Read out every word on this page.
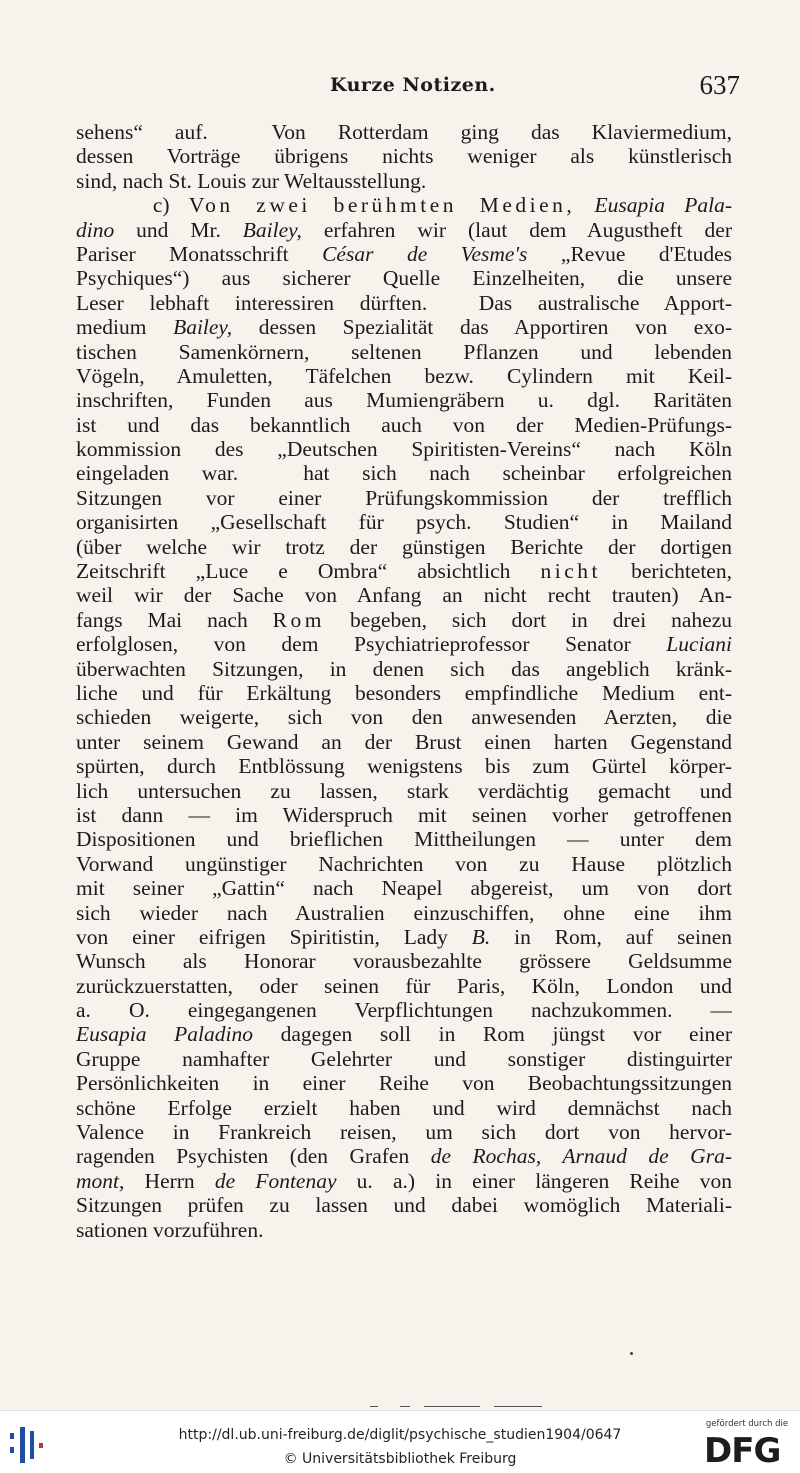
Kurze Notizen.	637
sehens“ auf.  Von Rotterdam ging das Klaviermedium,
dessen Vorträge übrigens nichts weniger als künstlerisch
sind, nach St. Louis zur Weltausstellung.
c) Von zwei berühmten Medien, Eusapia Pala-
dino und Mr. Bailey, erfahren wir (laut dem Augustheft der
Pariser Monatsschrift César de Vesme's „Revue d'Etudes
Psychiques“) aus sicherer Quelle Einzelheiten, die unsere
Leser lebhaft interessiren dürften.  Das australische Apport-
medium Bailey, dessen Spezialität das Apportiren von exo-
tischen Samenkörnern, seltenen Pflanzen und lebenden
Vögeln, Amuletten, Täfelchen bezw. Cylindern mit Keil-
inschriften, Funden aus Mumiengräbern u. dgl. Raritäten
ist und das bekanntlich auch von der Medien-Prüfungs-
kommission des „Deutschen Spiritisten-Vereins“ nach Köln
eingeladen war.  hat sich nach scheinbar erfolgreichen
Sitzungen vor einer Prüfungskommission der trefflich
organisirten „Gesellschaft für psych. Studien“ in Mailand
(über welche wir trotz der günstigen Berichte der dortigen
Zeitschrift „Luce e Ombra“ absichtlich nicht berichteten,
weil wir der Sache von Anfang an nicht recht trauten) An-
fangs Mai nach Rom begeben, sich dort in drei nahezu
erfolglosen, von dem Psychiatrieprofessor Senator Luciani
überwachten Sitzungen, in denen sich das angeblich kränk-
liche und für Erkältung besonders empfindliche Medium ent-
schieden weigerte, sich von den anwesenden Aerzten, die
unter seinem Gewand an der Brust einen harten Gegenstand
spürten, durch Entblössung wenigstens bis zum Gürtel körper-
lich untersuchen zu lassen, stark verdächtig gemacht und
ist dann — im Widerspruch mit seinen vorher getroffenen
Dispositionen und brieflichen Mittheilungen — unter dem
Vorwand ungünstiger Nachrichten von zu Hause plötzlich
mit seiner „Gattin“ nach Neapel abgereist, um von dort
sich wieder nach Australien einzuschiffen, ohne eine ihm
von einer eifrigen Spiritistin, Lady B. in Rom, auf seinen
Wunsch als Honorar vorausbezahlte grössere Geldsumme
zurückzuerstatten, oder seinen für Paris, Köln, London und
a. O. eingegangenen Verpflichtungen nachzukommen. —
Eusapia Paladino dagegen soll in Rom jüngst vor einer
Gruppe namhafter Gelehrter und sonstiger distinguirter
Persönlichkeiten in einer Reihe von Beobachtungssitzungen
schöne Erfolge erzielt haben und wird demnächst nach
Valence in Frankreich reisen, um sich dort von hervor-
ragenden Psychisten (den Grafen de Rochas, Arnaud de Gra-
mont, Herrn de Fontenay u. a.) in einer längeren Reihe von
Sitzungen prüfen zu lassen und dabei womöglich Materiali-
sationen vorzuführen.
http://dl.ub.uni-freiburg.de/diglit/psychische_studien1904/0647
© Universitätsbibliothek Freiburg
gefördert durch die
DFG
